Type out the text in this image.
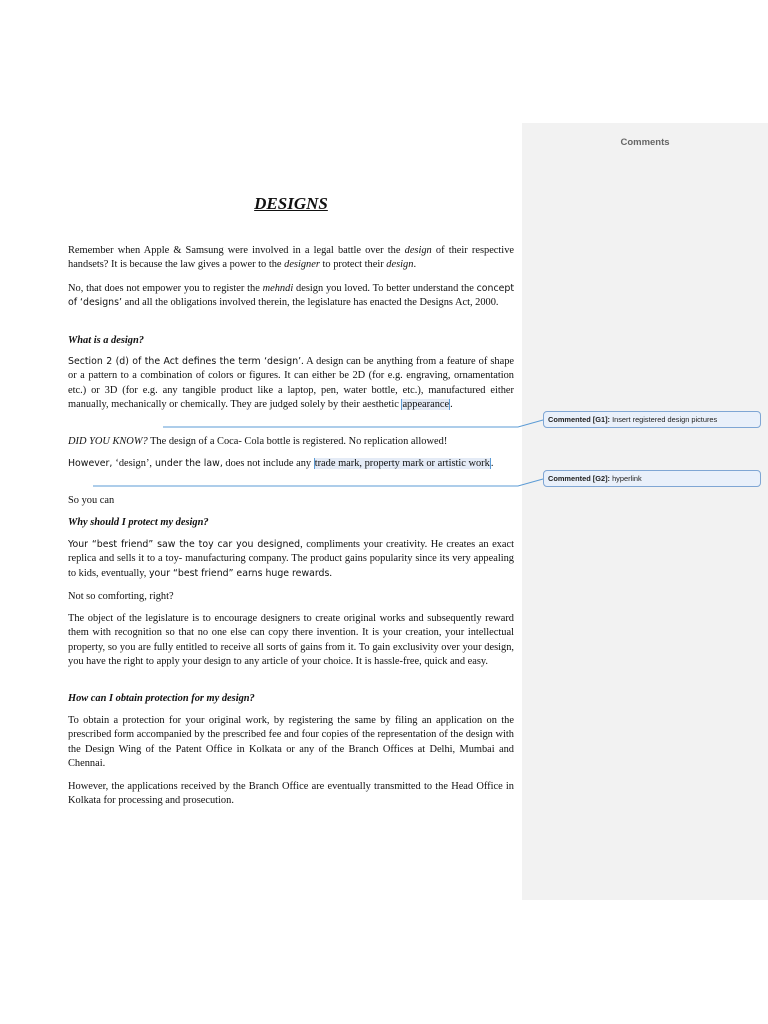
Comments
DESIGNS

Remember when Apple & Samsung were involved in a legal battle over the design of their respective handsets? It is because the law gives a power to the designer to protect their design.

No, that does not empower you to register the mehndi design you loved. To better understand the concept of ‘designs’ and all the obligations involved therein, the legislature has enacted the Designs Act, 2000.

What is a design?

Section 2 (d) of the Act defines the term ‘design’. A design can be anything from a feature of shape or a pattern to a combination of colors or figures. It can either be 2D (for e.g. engraving, ornamentation etc.) or 3D (for e.g. any tangible product like a laptop, pen, water bottle, etc.), manufactured either manually, mechanically or chemically. They are judged solely by their aesthetic appearance.

DID YOU KNOW? The design of a Coca- Cola bottle is registered. No replication allowed!

However, ‘design’, under the law, does not include any trade mark, property mark or artistic work.

So you can

Why should I protect my design?

Your “best friend” saw the toy car you designed, compliments your creativity. He creates an exact replica and sells it to a toy- manufacturing company. The product gains popularity since its very appealing to kids, eventually, your “best friend” earns huge rewards.

Not so comforting, right?

The object of the legislature is to encourage designers to create original works and subsequently reward them with recognition so that no one else can copy there invention. It is your creation, your intellectual property, so you are fully entitled to receive all sorts of gains from it. To gain exclusivity over your design, you have the right to apply your design to any article of your choice. It is hassle-free, quick and easy.

How can I obtain protection for my design?

To obtain a protection for your original work, by registering the same by filing an application on the prescribed form accompanied by the prescribed fee and four copies of the representation of the design with the Design Wing of the Patent Office in Kolkata or any of the Branch Offices at Delhi, Mumbai and Chennai.

However, the applications received by the Branch Office are eventually transmitted to the Head Office in Kolkata for processing and prosecution.

Commented [G1]: Insert registered design pictures
Commented [G2]: hyperlink
